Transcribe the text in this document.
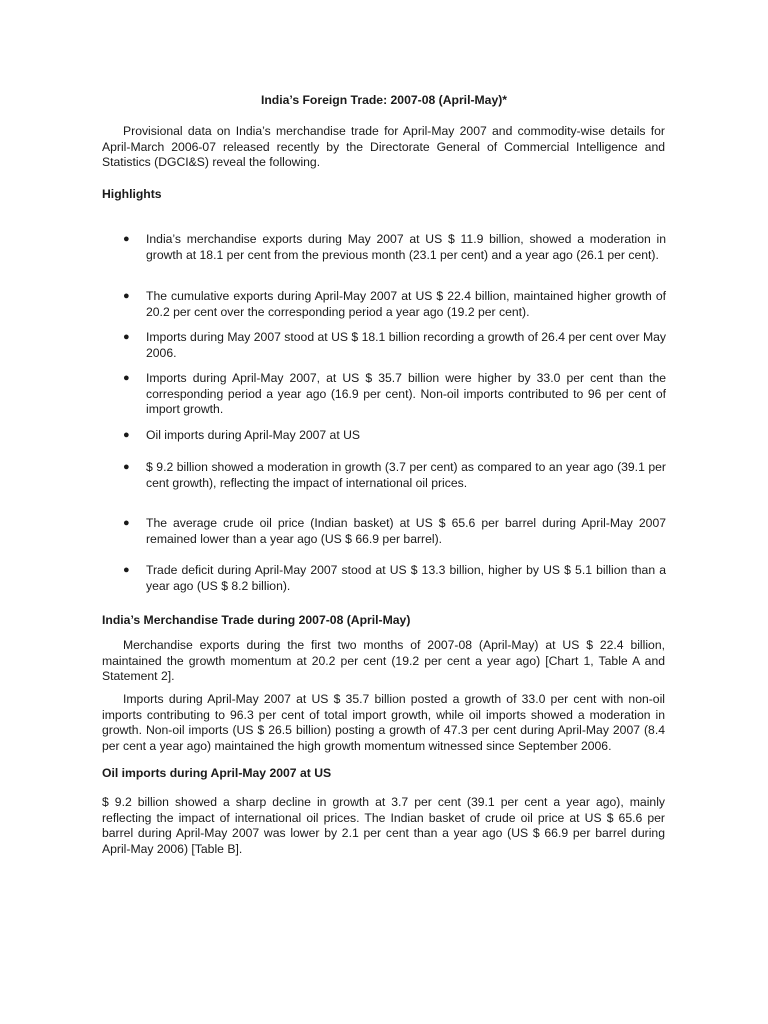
India’s Foreign Trade: 2007-08 (April-May)*

Provisional data on India’s merchandise trade for April-May 2007 and commodity-wise details for April-March 2006-07 released recently by the Directorate General of Commercial Intelligence and Statistics (DGCI&S) reveal the following.

Highlights

●	India’s merchandise exports during May 2007 at US $ 11.9 billion, showed a moderation in growth at 18.1 per cent from the previous month (23.1 per cent) and a year ago (26.1 per cent).
●	The cumulative exports during April-May 2007 at US $ 22.4 billion, maintained higher growth of 20.2 per cent over the corresponding period a year ago (19.2 per cent).
●	Imports during May 2007 stood at US $ 18.1 billion recording a growth of 26.4 per cent over May 2006.
●	Imports during April-May 2007, at US $ 35.7 billion were higher by 33.0 per cent than the corresponding period a year ago (16.9 per cent). Non-oil imports contributed to 96 per cent of import growth.
●	Oil imports during April-May 2007 at US
●	$ 9.2 billion showed a moderation in growth (3.7 per cent) as compared to an year ago (39.1 per cent growth), reflecting the impact of international oil prices.
●	The average crude oil price (Indian basket) at US $ 65.6 per barrel during April-May 2007 remained lower than a year ago (US $ 66.9 per barrel).
●	Trade deficit during April-May 2007 stood at US $ 13.3 billion, higher by US $ 5.1 billion than a year ago (US $ 8.2 billion).

India’s Merchandise Trade during 2007-08 (April-May)

Merchandise exports during the first two months of 2007-08 (April-May) at US $ 22.4 billion, maintained the growth momentum at 20.2 per cent (19.2 per cent a year ago) [Chart 1, Table A and Statement 2].

Imports during April-May 2007 at US $ 35.7 billion posted a growth of 33.0 per cent with non-oil imports contributing to 96.3 per cent of total import growth, while oil imports showed a moderation in growth. Non-oil imports (US $ 26.5 billion) posting a growth of 47.3 per cent during April-May 2007 (8.4 per cent a year ago) maintained the high growth momentum witnessed since September 2006.

Oil imports during April-May 2007 at US

$ 9.2 billion showed a sharp decline in growth at 3.7 per cent (39.1 per cent a year ago), mainly reflecting the impact of international oil prices. The Indian basket of crude oil price at US $ 65.6 per barrel during April-May 2007 was lower by 2.1 per cent than a year ago (US $ 66.9 per barrel during April-May 2006) [Table B].
